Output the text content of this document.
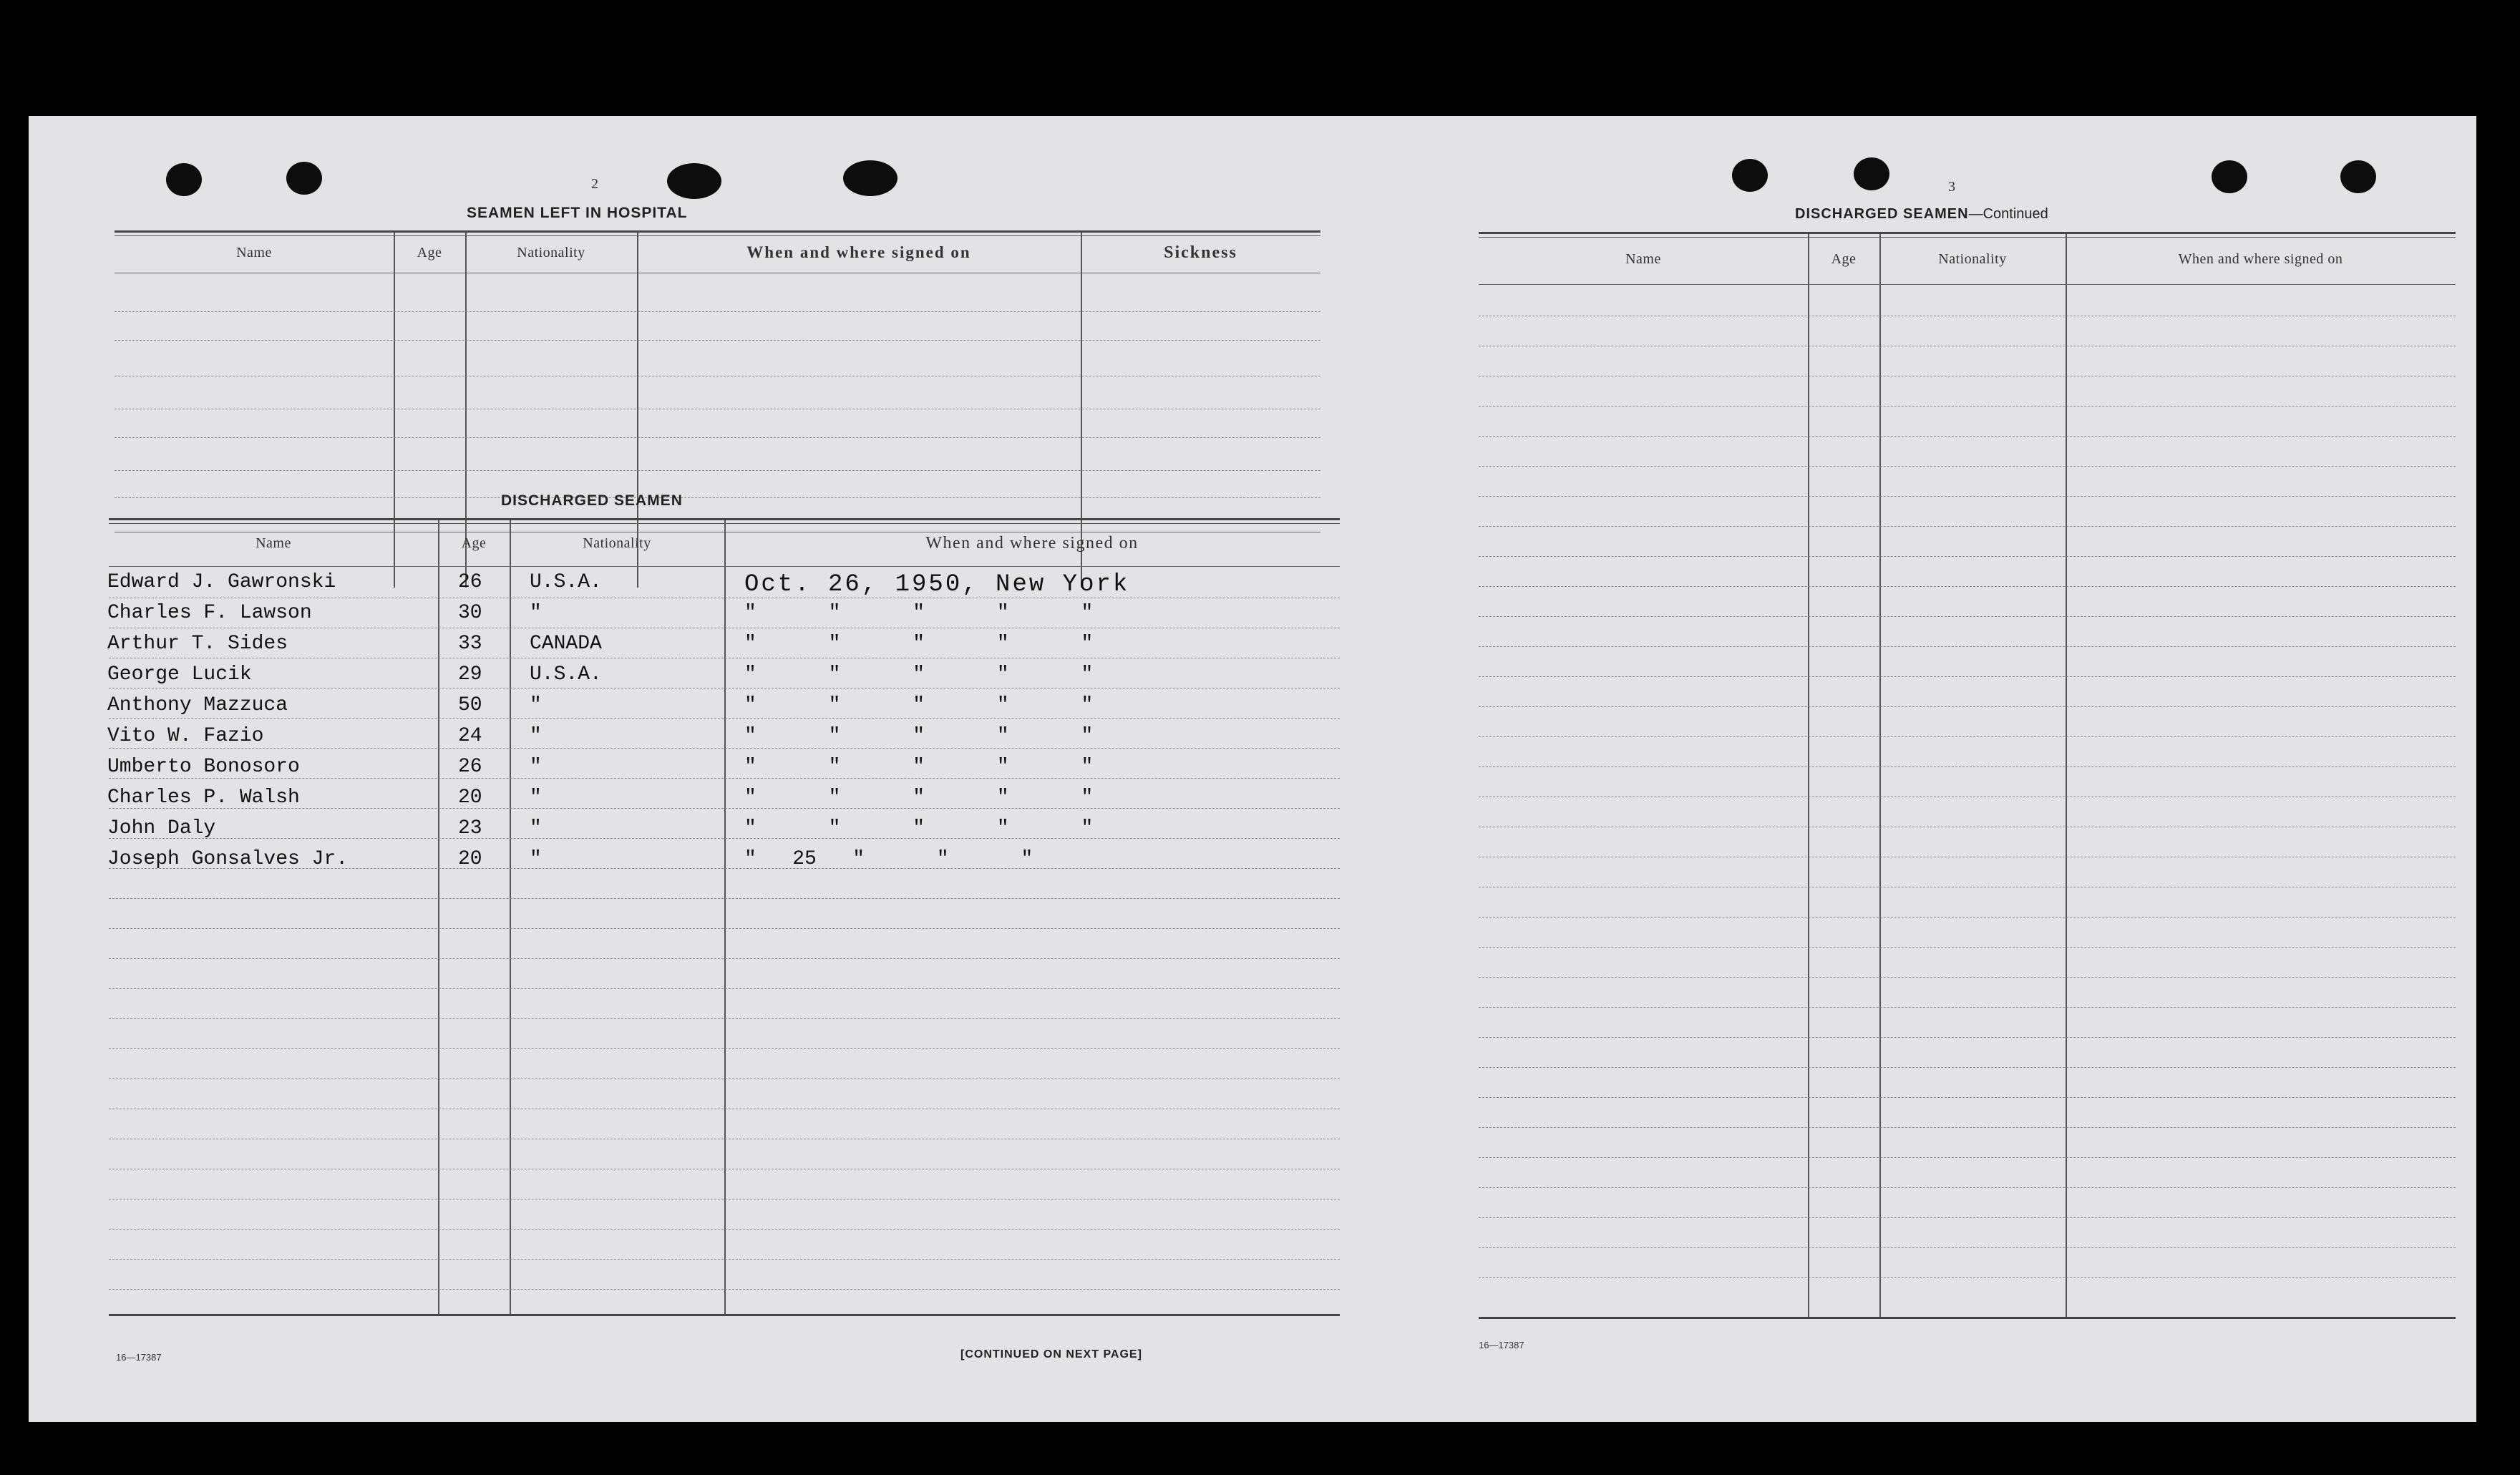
2
SEAMEN LEFT IN HOSPITAL
Name	Age	Nationality	When and where signed on	Sickness
DISCHARGED SEAMEN
Name	Age	Nationality	When and where signed on
Edward J. Gawronski	26 U.S.A.	Oct. 26, 1950, New York
Charles F. Lawson	30 "	"      "      "      "      "
Arthur T. Sides	33 CANADA	"      "      "      "      "
George Lucik	29 U.S.A.	"      "      "      "      "
Anthony Mazzuca	50 "	"      "      "      "      "
Vito W. Fazio	24 "	"      "      "      "      "
Umberto Bonosoro	26 "	"      "      "      "      "
Charles P. Walsh	20 "	"      "      "      "      "
John Daly	23 "	"      "      "      "      "
Joseph Gonsalves Jr.	20 "	"   25   "      "      "
16—17387	[CONTINUED ON NEXT PAGE]
3
DISCHARGED SEAMEN—Continued
Name	Age	Nationality	When and where signed on
16—17387
